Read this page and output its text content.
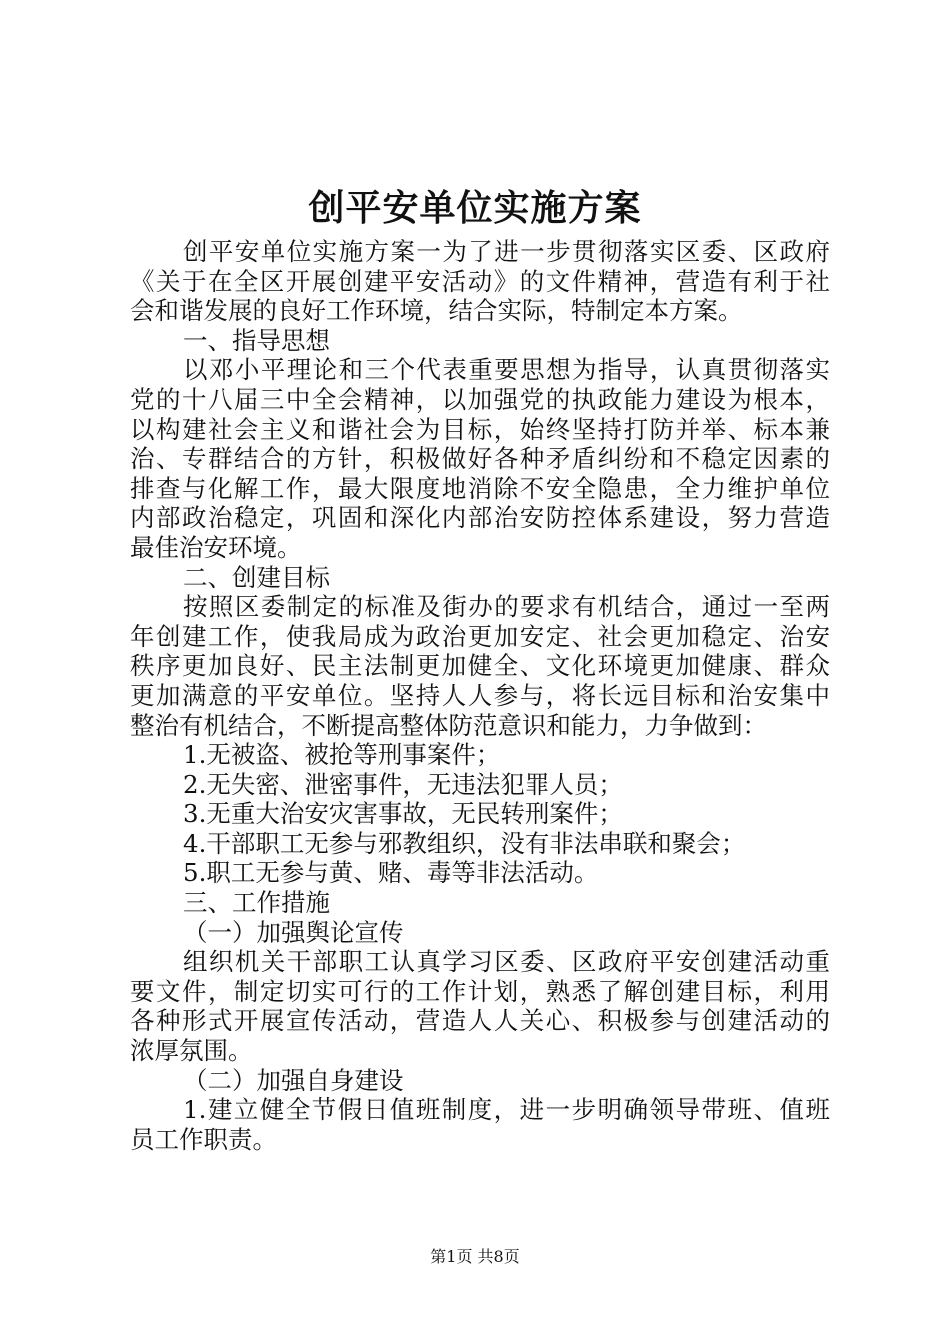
创平安单位实施方案
创平安单位实施方案一为了进一步贯彻落实区委、区政府
《关于在全区开展创建平安活动》的文件精神，营造有利于社
会和谐发展的良好工作环境，结合实际，特制定本方案。
一、指导思想
以邓小平理论和三个代表重要思想为指导，认真贯彻落实
党的十八届三中全会精神，以加强党的执政能力建设为根本，
以构建社会主义和谐社会为目标，始终坚持打防并举、标本兼
治、专群结合的方针，积极做好各种矛盾纠纷和不稳定因素的
排查与化解工作，最大限度地消除不安全隐患，全力维护单位
内部政治稳定，巩固和深化内部治安防控体系建设，努力营造
最佳治安环境。
二、创建目标
按照区委制定的标准及街办的要求有机结合，通过一至两
年创建工作，使我局成为政治更加安定、社会更加稳定、治安
秩序更加良好、民主法制更加健全、文化环境更加健康、群众
更加满意的平安单位。坚持人人参与，将长远目标和治安集中
整治有机结合，不断提高整体防范意识和能力，力争做到：
1.无被盗、被抢等刑事案件；
2.无失密、泄密事件，无违法犯罪人员；
3.无重大治安灾害事故，无民转刑案件；
4.干部职工无参与邪教组织，没有非法串联和聚会；
5.职工无参与黄、赌、毒等非法活动。
三、工作措施
（一）加强舆论宣传
组织机关干部职工认真学习区委、区政府平安创建活动重
要文件，制定切实可行的工作计划，熟悉了解创建目标，利用
各种形式开展宣传活动，营造人人关心、积极参与创建活动的
浓厚氛围。
（二）加强自身建设
1.建立健全节假日值班制度，进一步明确领导带班、值班
员工作职责。
第1页 共8页
